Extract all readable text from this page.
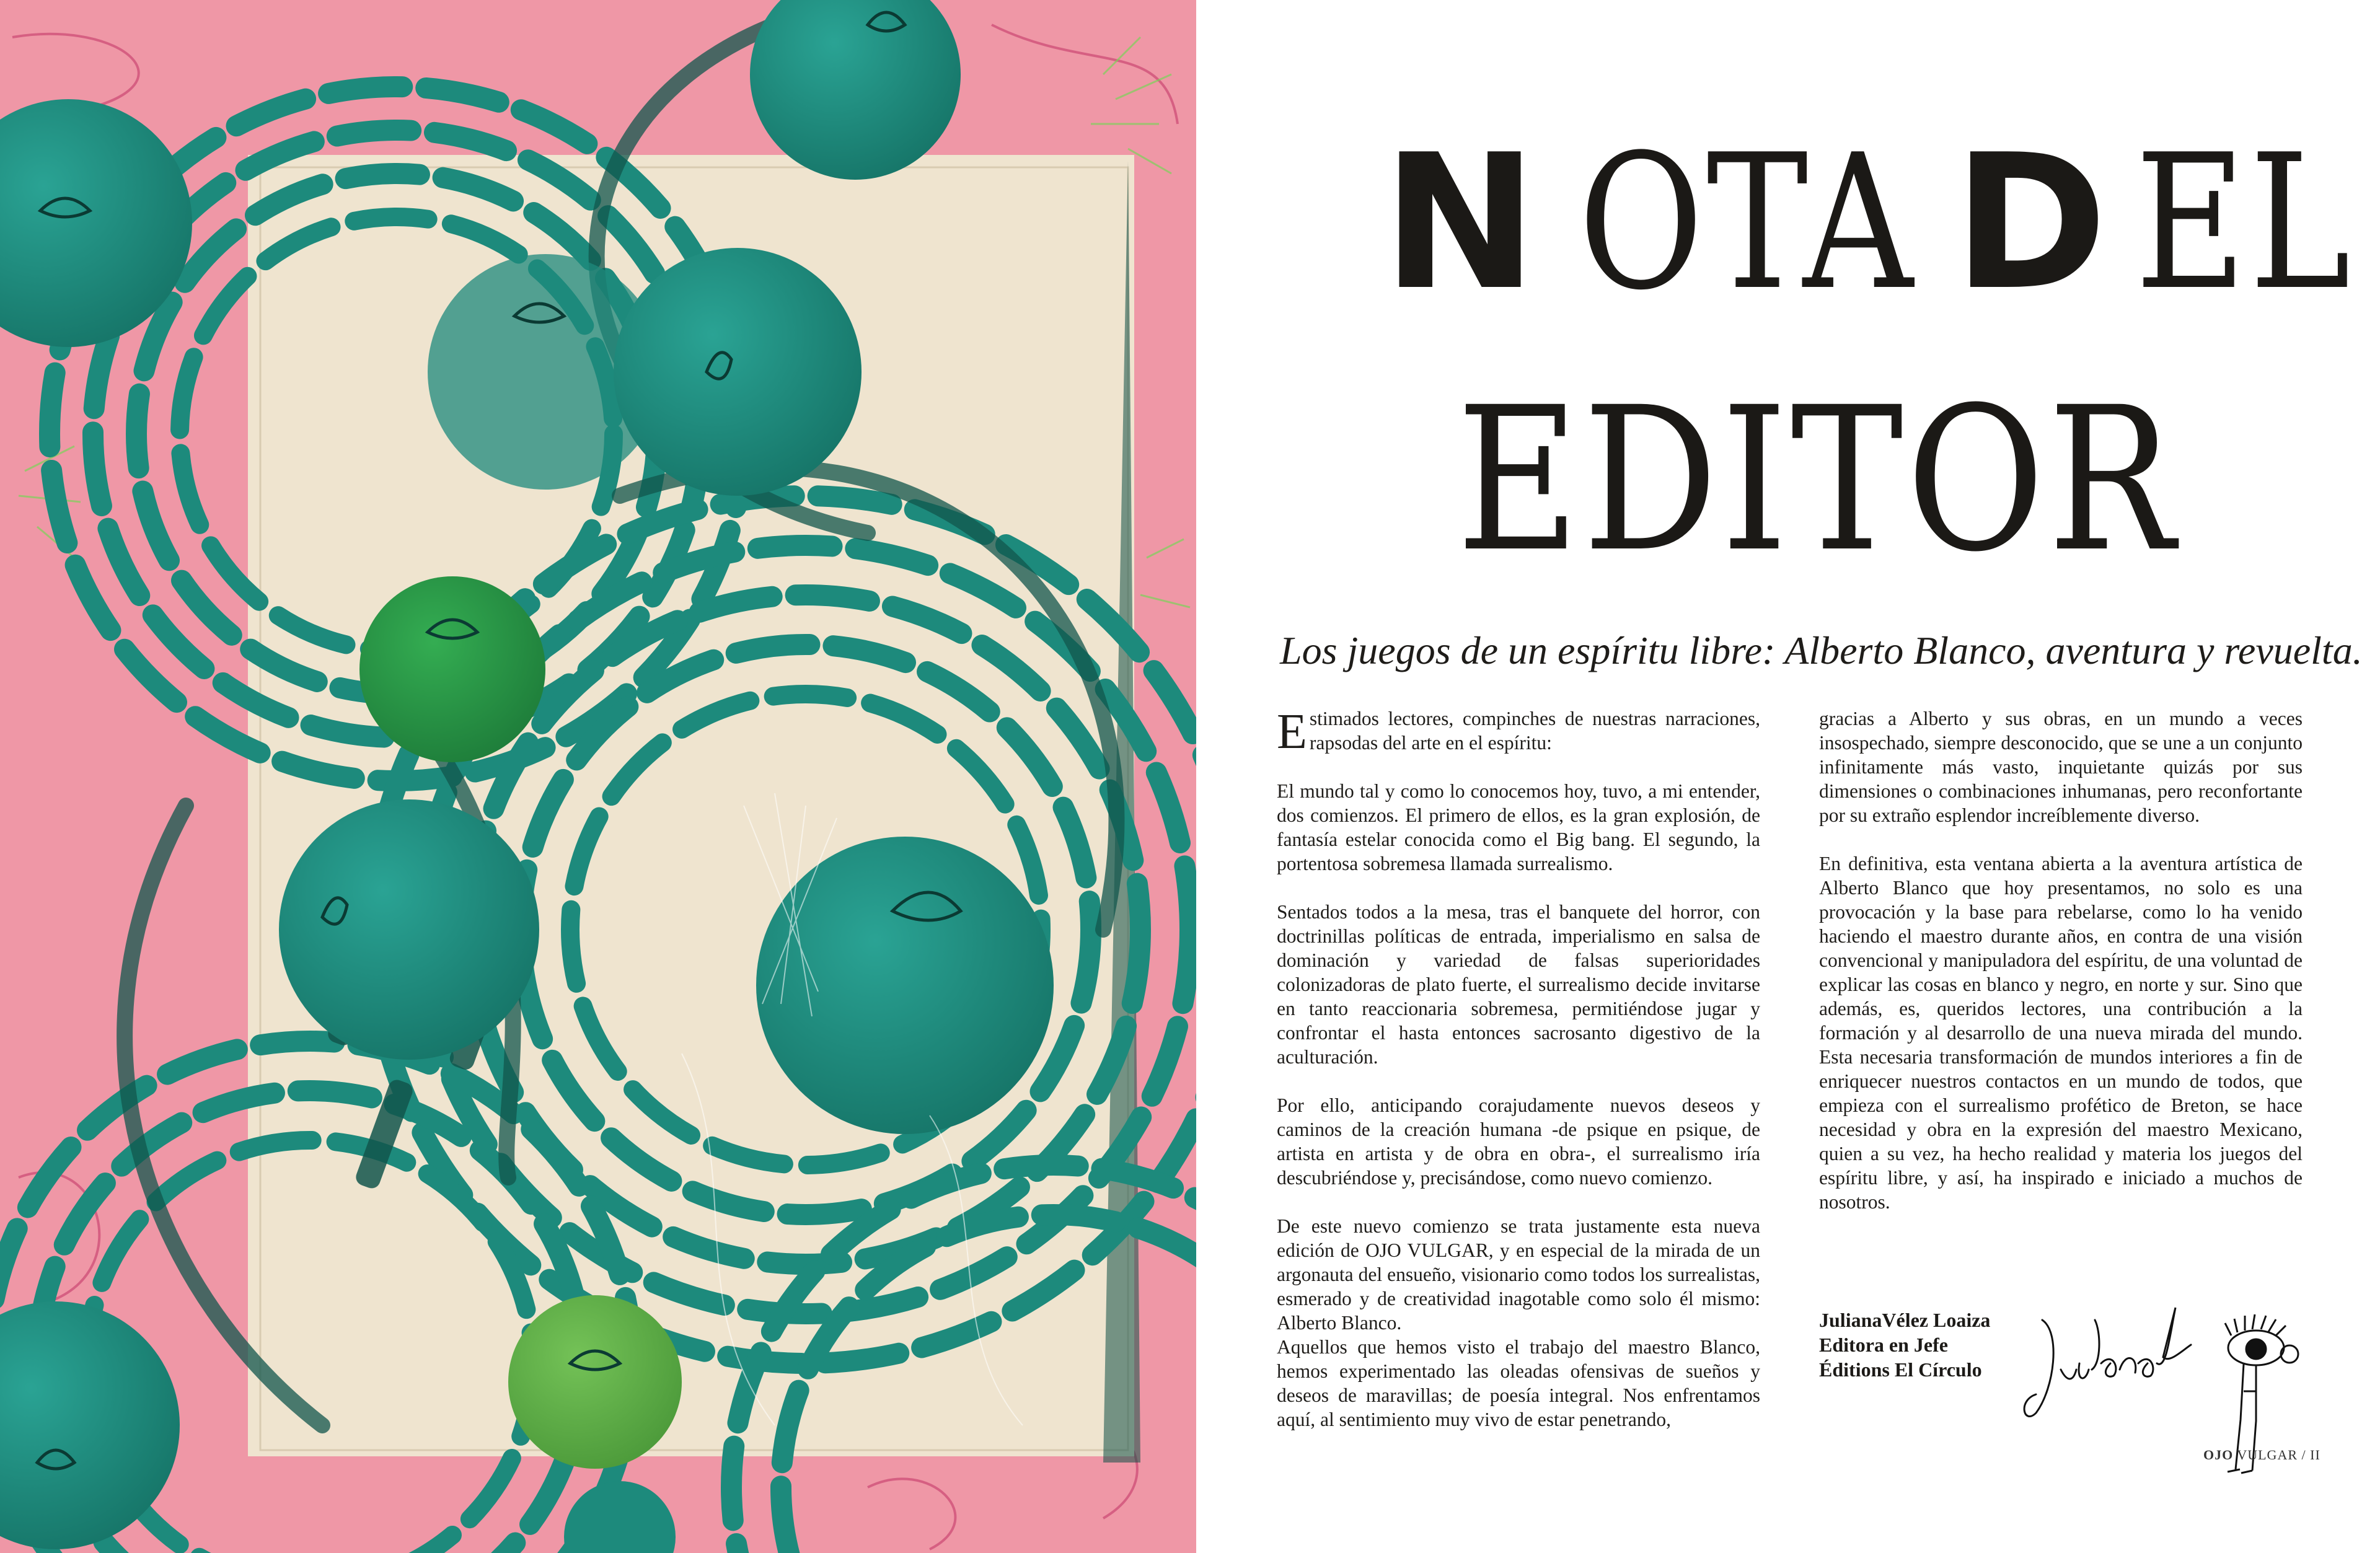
N OTAD EL
EDITOR
Los juegos de un espíritu libre: Alberto Blanco, aventura y revuelta.

Estimados lectores, compinches de nuestras narraciones, rapsodas del arte en el espíritu:

El mundo tal y como lo conocemos hoy, tuvo, a mi entender, dos comienzos. El primero de ellos, es la gran explosión, de fantasía estelar conocida como el Big bang. El segundo, la portentosa sobremesa llamada surrealismo.

Sentados todos a la mesa, tras el banquete del horror, con doctrinillas políticas de entrada, imperialismo en salsa de dominación y variedad de falsas superioridades colonizadoras de plato fuerte, el surrealismo decide invitarse en tanto reaccionaria sobremesa, permitiéndose jugar y confrontar el hasta entonces sacrosanto digestivo de la aculturación.

Por ello, anticipando corajudamente nuevos deseos y caminos de la creación humana -de psique en psique, de artista en artista y de obra en obra-, el surrealismo iría descubriéndose y, precisándose, como nuevo comienzo.

De este nuevo comienzo se trata justamente esta nueva edición de OJO VULGAR, y en especial de la mirada de un argonauta del ensueño, visionario como todos los surrealistas, esmerado y de creatividad inagotable como solo él mismo: Alberto Blanco.

Aquellos que hemos visto el trabajo del maestro Blanco, hemos experimentado las oleadas ofensivas de sueños y deseos de maravillas; de poesía integral. Nos enfrentamos aquí, al sentimiento muy vivo de estar penetrando,

gracias a Alberto y sus obras, en un mundo a veces insospechado, siempre desconocido, que se une a un conjunto infinitamente más vasto, inquietante quizás por sus dimensiones o combinaciones inhumanas, pero reconfortante por su extraño esplendor increíblemente diverso.

En definitiva, esta ventana abierta a la aventura artística de Alberto Blanco que hoy presentamos, no solo es una provocación y la base para rebelarse, como lo ha venido haciendo el maestro durante años, en contra de una visión convencional y manipuladora del espíritu, de una voluntad de explicar las cosas en blanco y negro, en norte y sur. Sino que además, es, queridos lectores, una contribución a la formación y al desarrollo de una nueva mirada del mundo. Esta necesaria transformación de mundos interiores a fin de enriquecer nuestros contactos en un mundo de todos, que empieza con el surrealismo profético de Breton, se hace necesidad y obra en la expresión del maestro Mexicano, quien a su vez, ha hecho realidad y materia los juegos del espíritu libre, y así, ha inspirado e iniciado a muchos de nosotros.

JulianaVélez Loaiza
Editora en Jefe
Éditions El Círculo
OJO VULGAR / II
